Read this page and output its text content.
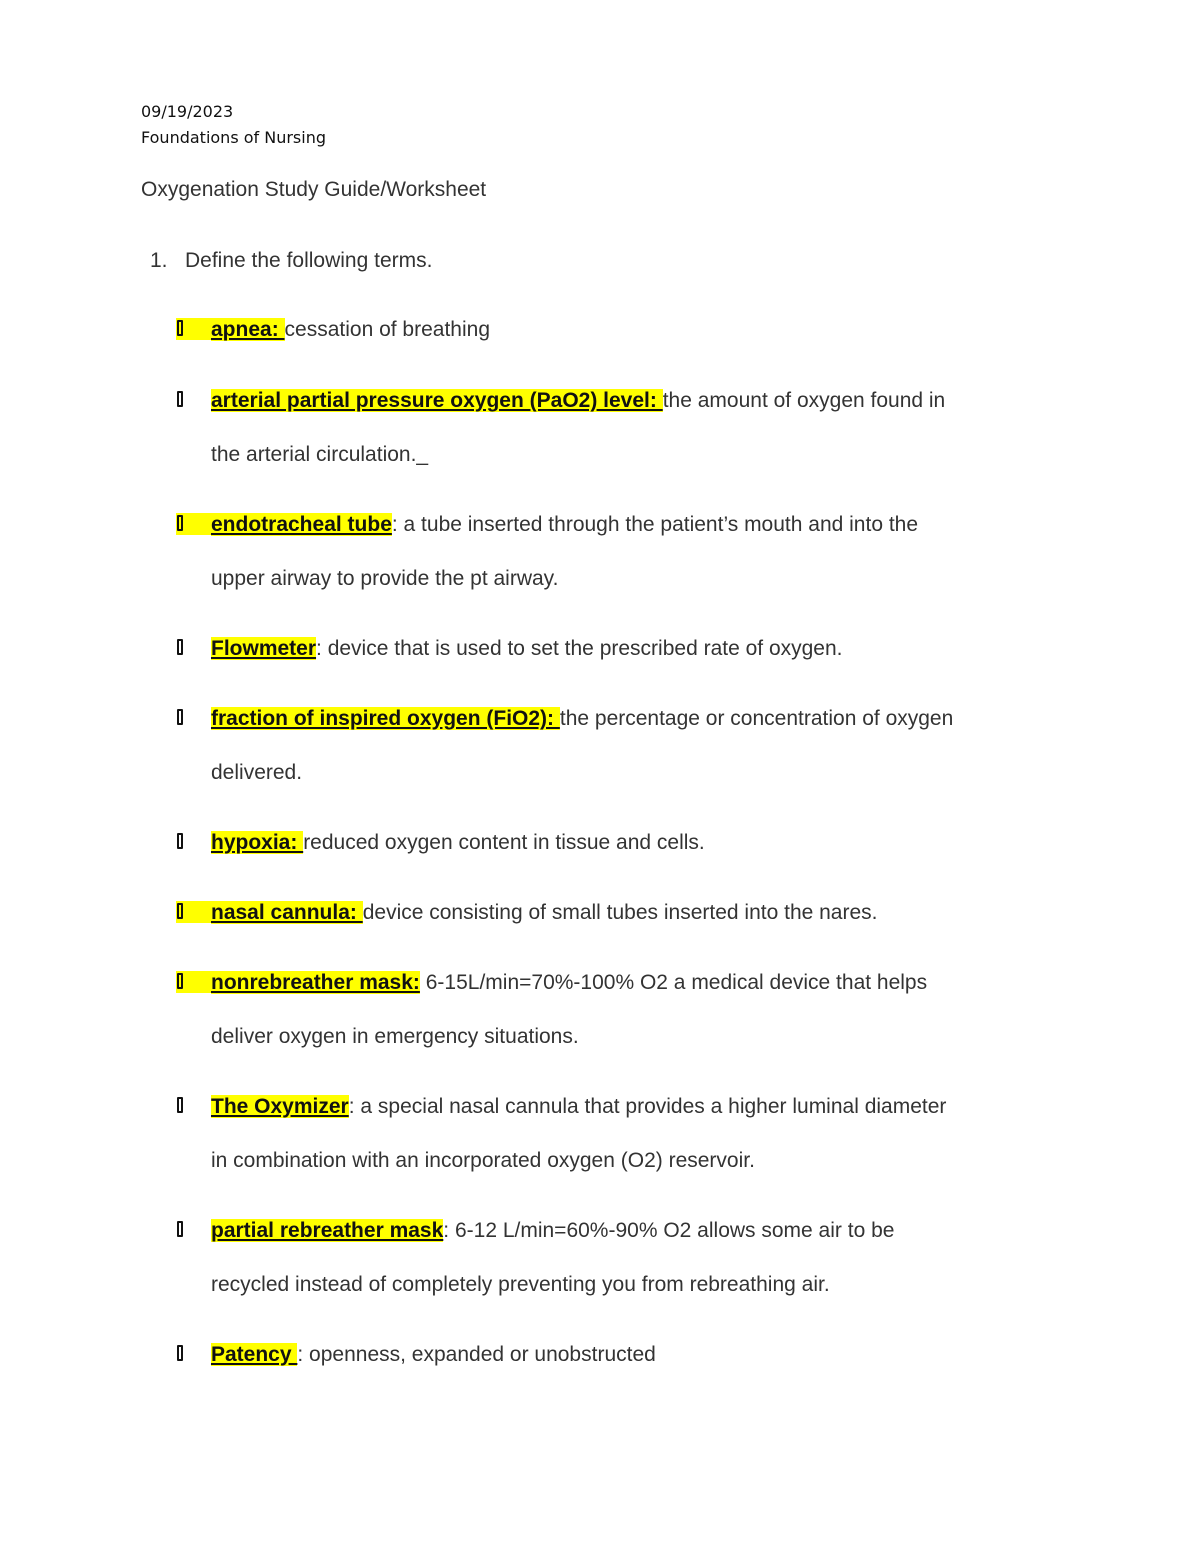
09/19/2023
Foundations of Nursing
Oxygenation Study Guide/Worksheet
1. Define the following terms.
apnea: cessation of breathing
arterial partial pressure oxygen (PaO2) level: the amount of oxygen found in
the arterial circulation._
endotracheal tube: a tube inserted through the patient’s mouth and into the
upper airway to provide the pt airway.
Flowmeter: device that is used to set the prescribed rate of oxygen.
fraction of inspired oxygen (FiO2): the percentage or concentration of oxygen
delivered.
hypoxia: reduced oxygen content in tissue and cells.
nasal cannula: device consisting of small tubes inserted into the nares.
nonrebreather mask: 6-15L/min=70%-100% O2 a medical device that helps
deliver oxygen in emergency situations.
The Oxymizer: a special nasal cannula that provides a higher luminal diameter
in combination with an incorporated oxygen (O2) reservoir.
partial rebreather mask: 6-12 L/min=60%-90% O2 allows some air to be
recycled instead of completely preventing you from rebreathing air.
Patency : openness, expanded or unobstructed
